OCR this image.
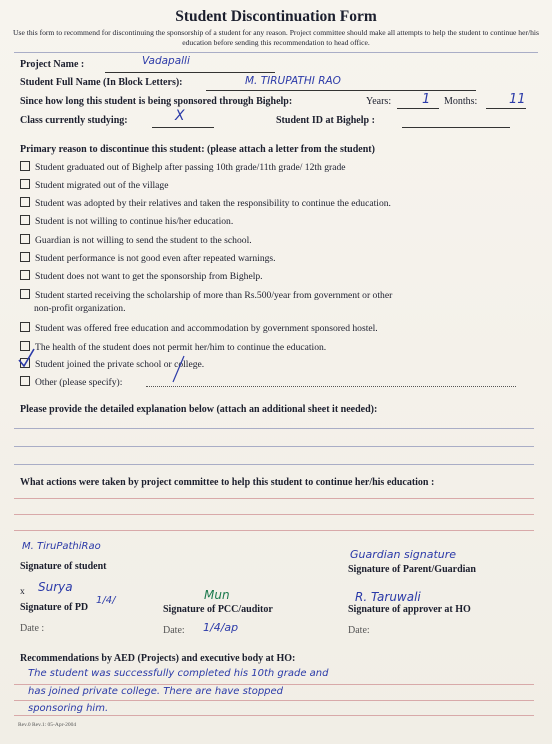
Student Discontinuation Form
Use this form to recommend for discontinuing the sponsorship of a student for any reason. Project committee should make all attempts to help the student to continue her/his education before sending this recommendation to head office.
Project Name :	Vadapalli
Student Full Name (In Block Letters):	M. TIRUPATHI RAO
Since how long this student is being sponsored through Bighelp:	Years: 1 Months: 11
Class currently studying:	X	Student ID at Bighelp :
Primary reason to discontinue this student: (please attach a letter from the student)
Student graduated out of Bighelp after passing 10th grade/11th grade/ 12th grade
Student migrated out of the village
Student was adopted by their relatives and taken the responsibility to continue the education.
Student is not willing to continue his/her education.
Guardian is not willing to send the student to the school.
Student performance is not good even after repeated warnings.
Student does not want to get the sponsorship from Bighelp.
Student started receiving the scholarship of more than Rs.500/year from government or other
Student was offered free education and accommodation by government sponsored hostel.
The health of the student does not permit her/him to continue the education.
Student joined the private school or college.
Other (please specify):
non-profit organization.
Please provide the detailed explanation below (attach an additional sheet it needed):
What actions were taken by project committee to help this student to continue her/his education :
M. TiruPathiRao
Signature of student
Guardian signature
Signature of Parent/Guardian
x Surya
1/4/
Signature of PD
Mun
Signature of PCC/auditor
R. Taruwali
Signature of approver at HO
Date :	Date: 1/4/ap	Date:
Recommendations by AED (Projects) and executive body at HO:
The student was successfully completed his 10th grade and
has joined private college. There are have stopped
sponsoring him.
Rev.0 Rev.1: 05-Apr-2004
